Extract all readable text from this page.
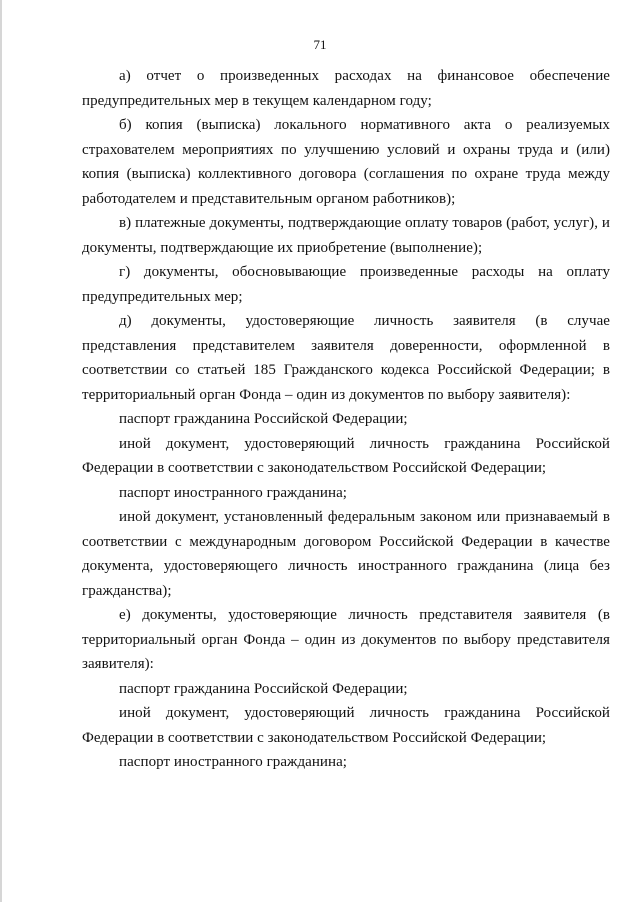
71

а) отчет о произведенных расходах на финансовое обеспечение предупредительных мер в текущем календарном году;

б) копия (выписка) локального нормативного акта о реализуемых страхователем мероприятиях по улучшению условий и охраны труда и (или) копия (выписка) коллективного договора (соглашения по охране труда между работодателем и представительным органом работников);

в) платежные документы, подтверждающие оплату товаров (работ, услуг), и документы, подтверждающие их приобретение (выполнение);

г) документы, обосновывающие произведенные расходы на оплату предупредительных мер;

д) документы, удостоверяющие личность заявителя (в случае представления представителем заявителя доверенности, оформленной в соответствии со статьей 185 Гражданского кодекса Российской Федерации; в территориальный орган Фонда – один из документов по выбору заявителя):

паспорт гражданина Российской Федерации;

иной документ, удостоверяющий личность гражданина Российской Федерации в соответствии с законодательством Российской Федерации;

паспорт иностранного гражданина;

иной документ, установленный федеральным законом или признаваемый в соответствии с международным договором Российской Федерации в качестве документа, удостоверяющего личность иностранного гражданина (лица без гражданства);

е) документы, удостоверяющие личность представителя заявителя (в территориальный орган Фонда – один из документов по выбору представителя заявителя):

паспорт гражданина Российской Федерации;

иной документ, удостоверяющий личность гражданина Российской Федерации в соответствии с законодательством Российской Федерации;

паспорт иностранного гражданина;
